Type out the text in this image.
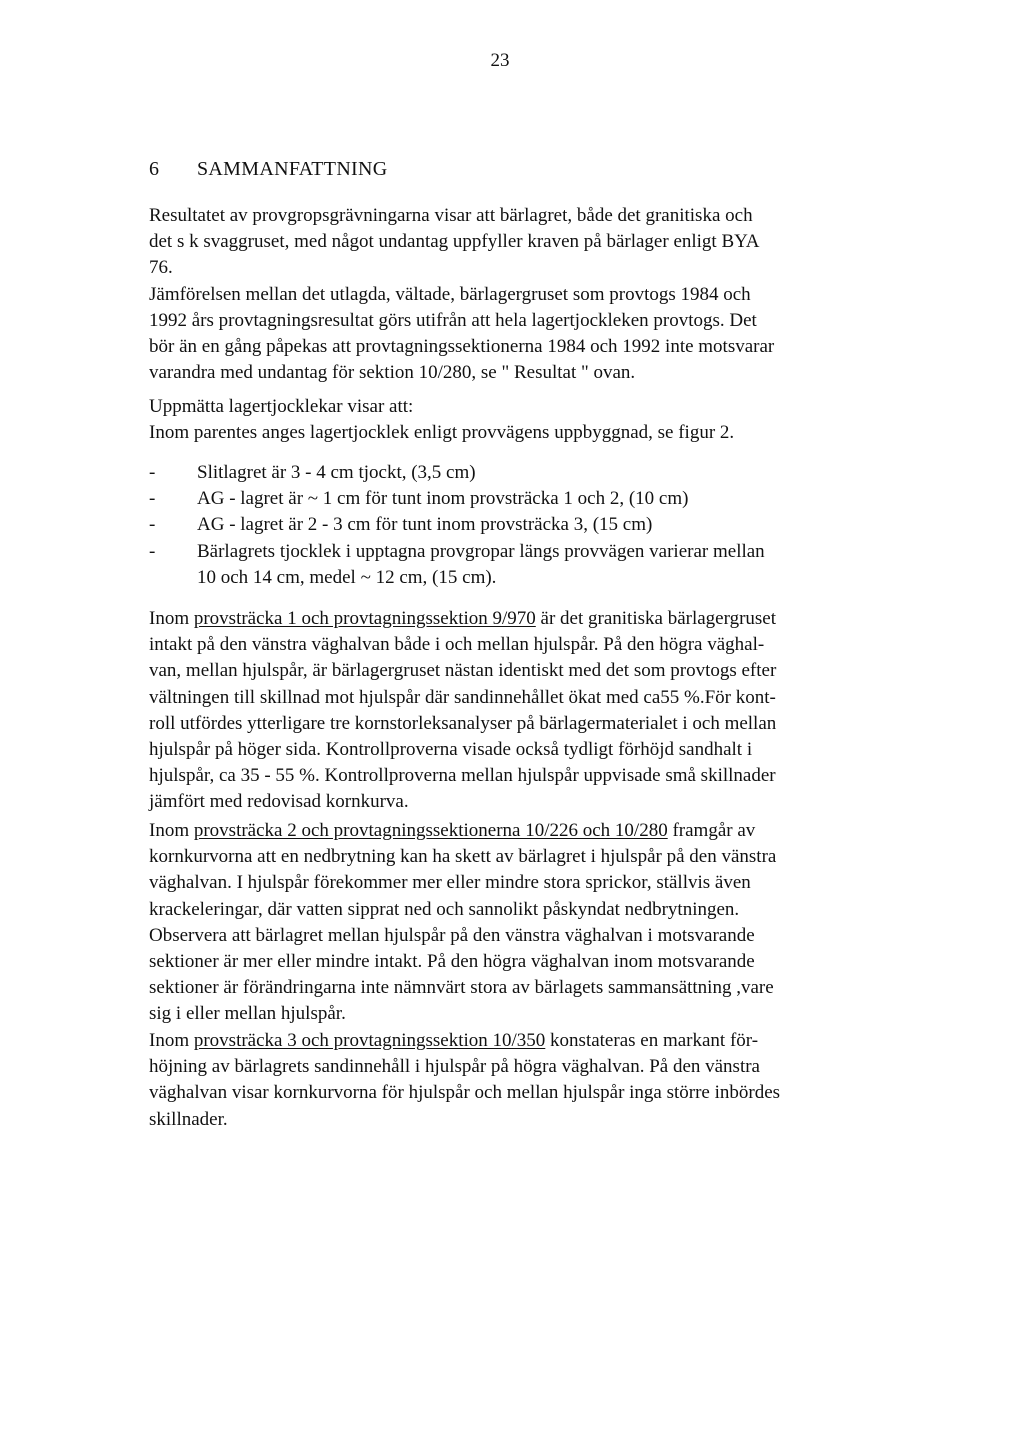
23
6 SAMMANFATTNING

Resultatet av provgropsgrävningarna visar att bärlagret, både det granitiska och

det s k svaggruset, med något undantag uppfyller kraven på bärlager enligt BYA

76.

Jämförelsen mellan det utlagda, vältade, bärlagergruset som provtogs 1984 och

1992 års provtagningsresultat görs utifrån att hela lagertjockleken provtogs. Det

bör än en gång påpekas att provtagningssektionerna 1984 och 1992 inte motsvarar

varandra med undantag för sektion 10/280, se " Resultat " ovan.

Uppmätta lagertjocklekar visar att:

Inom parentes anges lagertjocklek enligt provvägens uppbyggnad, se figur 2.

-	Slitlagret är 3 - 4 cm tjockt, (3,5 cm)
-	AG - lagret är ~ 1 cm för tunt inom provsträcka 1 och 2, (10 cm)
-	AG - lagret är 2 - 3 cm för tunt inom provsträcka 3, (15 cm)
-	Bärlagrets tjocklek i upptagna provgropar längs provvägen varierar mellan
10 och 14 cm, medel ~ 12 cm, (15 cm).

Inom provsträcka 1 och provtagningssektion 9/970 är det granitiska bärlagergruset

intakt på den vänstra väghalvan både i och mellan hjulspår. På den högra väghal-

van, mellan hjulspår, är bärlagergruset nästan identiskt med det som provtogs efter

vältningen till skillnad mot hjulspår där sandinnehållet ökat med ca55 %.För kont-

roll utfördes ytterligare tre kornstorleksanalyser på bärlagermaterialet i och mellan

hjulspår på höger sida. Kontrollproverna visade också tydligt förhöjd sandhalt i

hjulspår, ca 35 - 55 %. Kontrollproverna mellan hjulspår uppvisade små skillnader

jämfört med redovisad kornkurva.

Inom provsträcka 2 och provtagningssektionerna 10/226 och 10/280 framgår av

kornkurvorna att en nedbrytning kan ha skett av bärlagret i hjulspår på den vänstra

väghalvan. I hjulspår förekommer mer eller mindre stora sprickor, ställvis även

krackeleringar, där vatten sipprat ned och sannolikt påskyndat nedbrytningen.

Observera att bärlagret mellan hjulspår på den vänstra väghalvan i motsvarande

sektioner är mer eller mindre intakt. På den högra väghalvan inom motsvarande

sektioner är förändringarna inte nämnvärt stora av bärlagets sammansättning ,vare

sig i eller mellan hjulspår.

Inom provsträcka 3 och provtagningssektion 10/350 konstateras en markant för-

höjning av bärlagrets sandinnehåll i hjulspår på högra väghalvan. På den vänstra

väghalvan visar kornkurvorna för hjulspår och mellan hjulspår inga större inbördes

skillnader.
